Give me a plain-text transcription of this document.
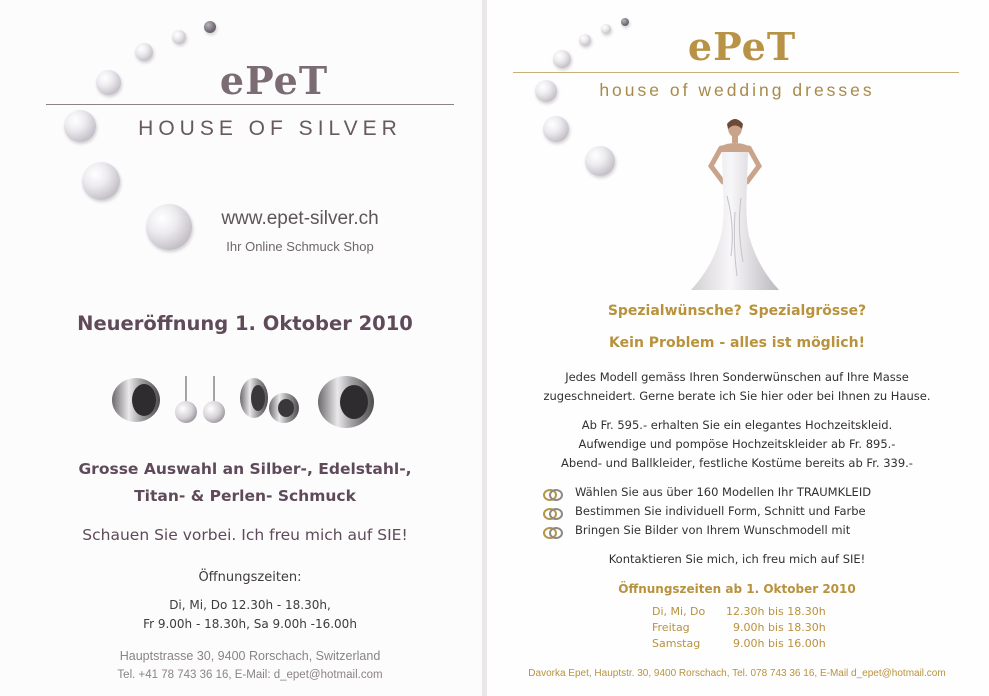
ePeT
HOUSE OF SILVER
www.epet-silver.ch
Ihr Online Schmuck Shop
Neueröffnung 1. Oktober 2010
Grosse Auswahl an Silber-, Edelstahl-,
Titan- & Perlen- Schmuck
Schauen Sie vorbei. Ich freu mich auf SIE!
Öffnungszeiten:
Di, Mi, Do 12.30h - 18.30h,
Fr 9.00h - 18.30h, Sa 9.00h -16.00h
Hauptstrasse 30, 9400 Rorschach, Switzerland
Tel. +41 78 743 36 16, E-Mail: d_epet@hotmail.com
ePeT
house of wedding dresses
Spezialwünsche? Spezialgrösse?
Kein Problem - alles ist möglich!
Jedes Modell gemäss Ihren Sonderwünschen auf Ihre Masse
zugeschneidert. Gerne berate ich Sie hier oder bei Ihnen zu Hause.
Ab Fr. 595.- erhalten Sie ein elegantes Hochzeitskleid.
Aufwendige und pompöse Hochzeitskleider ab Fr. 895.-
Abend- und Ballkleider, festliche Kostüme bereits ab Fr. 339.-
Wählen Sie aus über 160 Modellen Ihr TRAUMKLEID
Bestimmen Sie individuell Form, Schnitt und Farbe
Bringen Sie Bilder von Ihrem Wunschmodell mit
Kontaktieren Sie mich, ich freu mich auf SIE!
Öffnungszeiten ab 1. Oktober 2010
Di, Mi, Do	12.30h bis 18.30h
Freitag	9.00h bis 18.30h
Samstag	9.00h bis 16.00h
Davorka Epet, Hauptstr. 30, 9400 Rorschach, Tel. 078 743 36 16, E-Mail d_epet@hotmail.com
